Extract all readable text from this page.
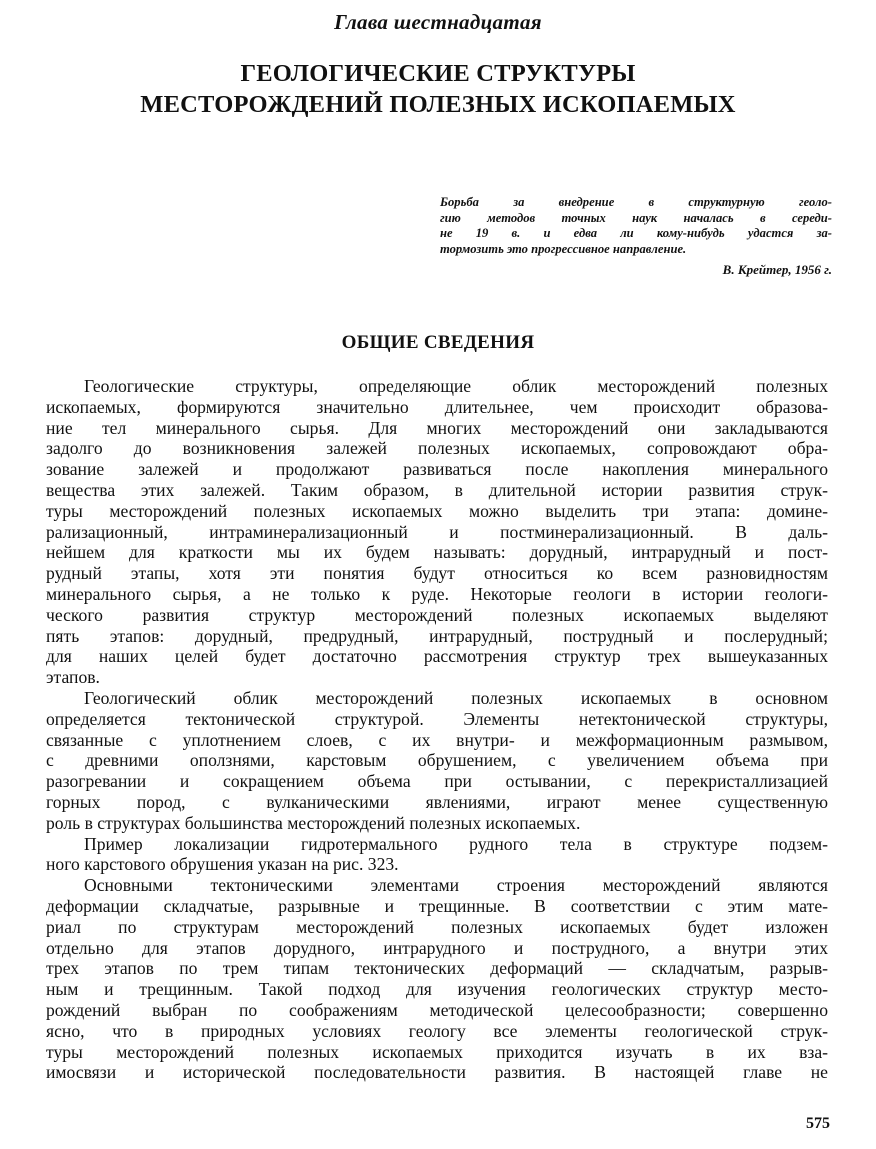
Глава шестнадцатая
ГЕОЛОГИЧЕСКИЕ СТРУКТУРЫ
МЕСТОРОЖДЕНИЙ ПОЛЕЗНЫХ ИСКОПАЕМЫХ
Борьба за внедрение в структурную геоло-
гию методов точных наук началась в середи-
не 19 в. и едва ли кому-нибудь удастся за-
тормозить это прогрессивное направление.
В. Крейтер, 1956 г.
ОБЩИЕ СВЕДЕНИЯ
Геологические структуры, определяющие облик месторождений полезных
ископаемых, формируются значительно длительнее, чем происходит образова-
ние тел минерального сырья. Для многих месторождений они закладываются
задолго до возникновения залежей полезных ископаемых, сопровождают обра-
зование залежей и продолжают развиваться после накопления минерального
вещества этих залежей. Таким образом, в длительной истории развития струк-
туры месторождений полезных ископаемых можно выделить три этапа: домине-
рализационный, интраминерализационный и постминерализационный. В даль-
нейшем для краткости мы их будем называть: дорудный, интрарудный и пост-
рудный этапы, хотя эти понятия будут относиться ко всем разновидностям
минерального сырья, а не только к руде. Некоторые геологи в истории геологи-
ческого развития структур месторождений полезных ископаемых выделяют
пять этапов: дорудный, предрудный, интрарудный, пострудный и послерудный;
для наших целей будет достаточно рассмотрения структур трех вышеуказанных
этапов.
Геологический облик месторождений полезных ископаемых в основном
определяется тектонической структурой. Элементы нетектонической структуры,
связанные с уплотнением слоев, с их внутри- и межформационным размывом,
с древними оползнями, карстовым обрушением, с увеличением объема при
разогревании и сокращением объема при остывании, с перекристаллизацией
горных пород, с вулканическими явлениями, играют менее существенную
роль в структурах большинства месторождений полезных ископаемых.
Пример локализации гидротермального рудного тела в структуре подзем-
ного карстового обрушения указан на рис. 323.
Основными тектоническими элементами строения месторождений являются
деформации складчатые, разрывные и трещинные. В соответствии с этим мате-
риал по структурам месторождений полезных ископаемых будет изложен
отдельно для этапов дорудного, интрарудного и пострудного, а внутри этих
трех этапов по трем типам тектонических деформаций — складчатым, разрыв-
ным и трещинным. Такой подход для изучения геологических структур место-
рождений выбран по соображениям методической целесообразности; совершенно
ясно, что в природных условиях геологу все элементы геологической струк-
туры месторождений полезных ископаемых приходится изучать в их вза-
имосвязи и исторической последовательности развития. В настоящей главе не
575
